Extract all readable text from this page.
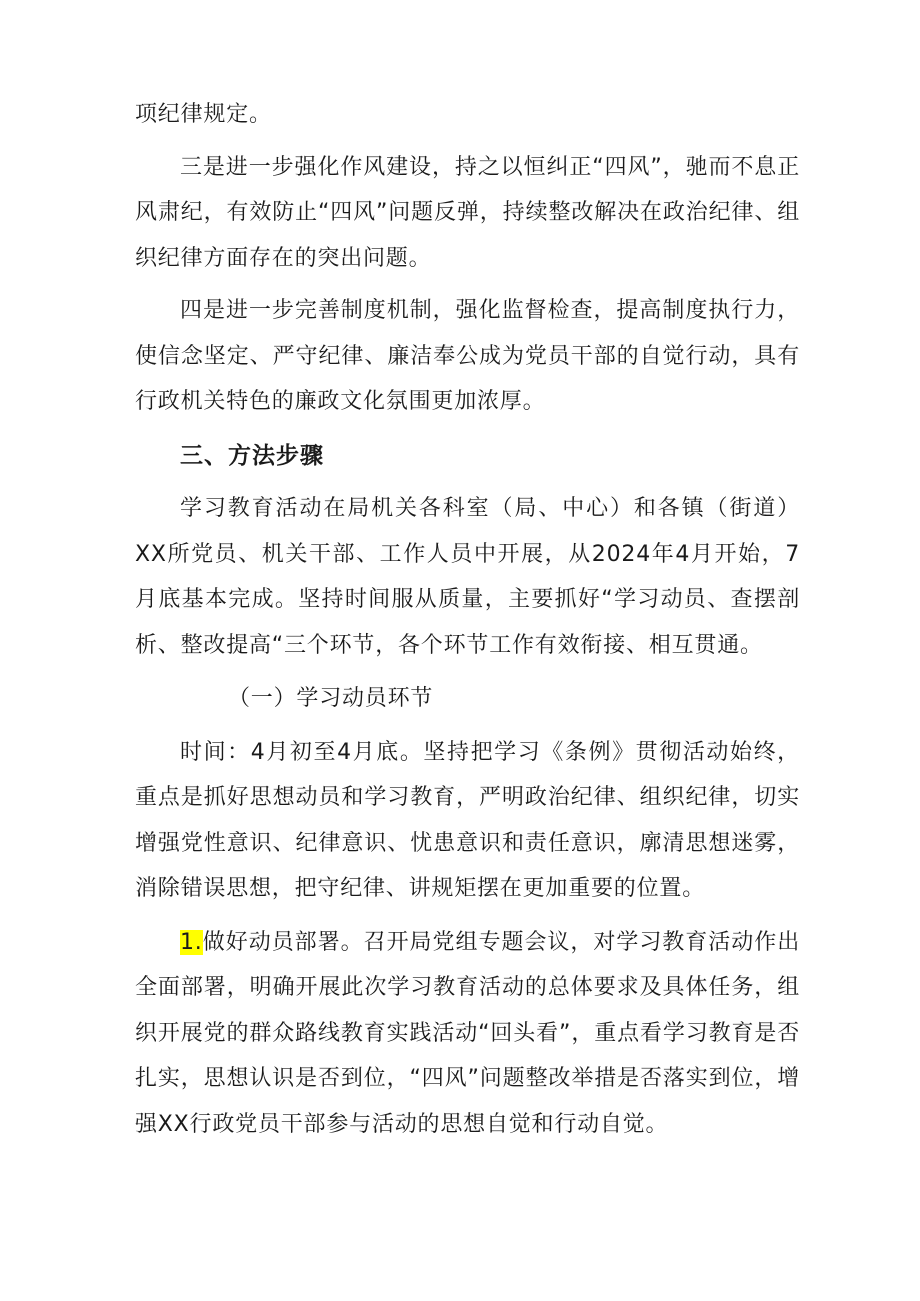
项纪律规定。

三是进一步强化作风建设，持之以恒纠正“四风”，驰而不息正风肃纪，有效防止“四风”问题反弹，持续整改解决在政治纪律、组织纪律方面存在的突出问题。

四是进一步完善制度机制，强化监督检查，提高制度执行力，使信念坚定、严守纪律、廉洁奉公成为党员干部的自觉行动，具有行政机关特色的廉政文化氛围更加浓厚。

三、方法步骤

学习教育活动在局机关各科室（局、中心）和各镇（街道）XX所党员、机关干部、工作人员中开展，从2024年4月开始，7月底基本完成。坚持时间服从质量，主要抓好“学习动员、查摆剖析、整改提高“三个环节，各个环节工作有效衔接、相互贯通。

（一）学习动员环节

时间：4月初至4月底。坚持把学习《条例》贯彻活动始终，重点是抓好思想动员和学习教育，严明政治纪律、组织纪律，切实增强党性意识、纪律意识、忧患意识和责任意识，廓清思想迷雾，消除错误思想，把守纪律、讲规矩摆在更加重要的位置。

1.做好动员部署。召开局党组专题会议，对学习教育活动作出全面部署，明确开展此次学习教育活动的总体要求及具体任务，组织开展党的群众路线教育实践活动“回头看”，重点看学习教育是否扎实，思想认识是否到位，“四风”问题整改举措是否落实到位，增强XX行政党员干部参与活动的思想自觉和行动自觉。
